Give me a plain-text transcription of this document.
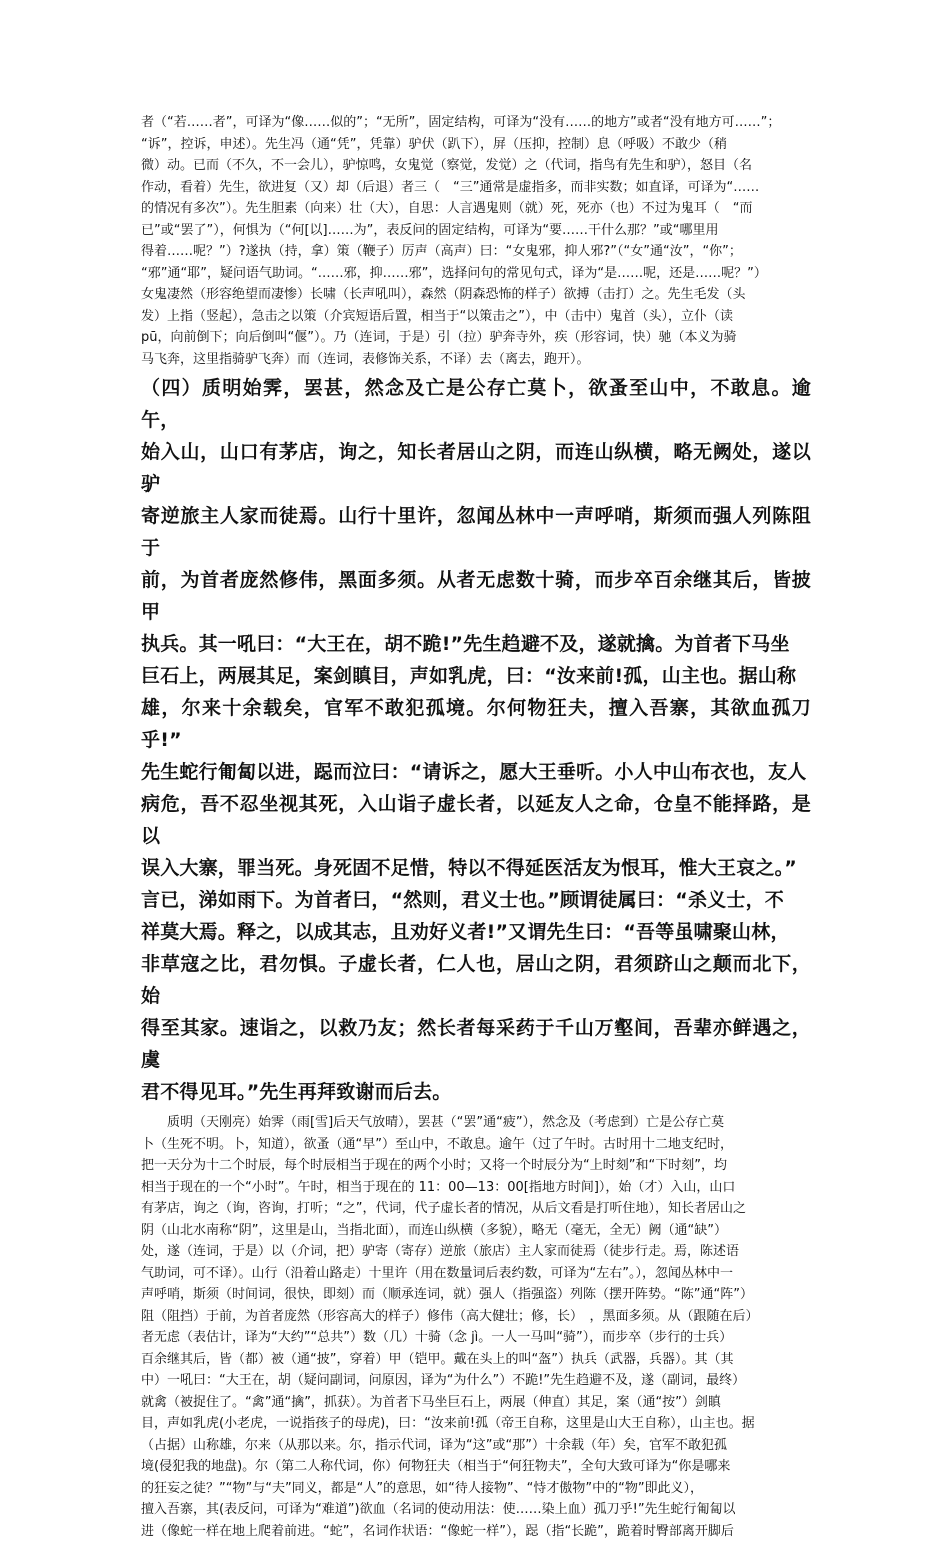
者（“若……者”，可译为“像……似的”；“无所”，固定结构，可译为“没有……的地方”或者“没有地方可……”；

“诉”，控诉，申述）。先生冯（通“凭”，凭靠）驴伏（趴下），屏（压抑，控制）息（呼吸）不敢少（稍

微）动。已而（不久，不一会儿），驴惊鸣，女鬼觉（察觉，发觉）之（代词，指鸟有先生和驴），怒目（名

作动，看着）先生，欲进复（又）却（后退）者三（　“三”通常是虚指多，而非实数；如直译，可译为“……

的情况有多次”）。先生胆素（向来）壮（大），自思：人言遇鬼则（就）死，死亦（也）不过为鬼耳（　“而

已”或“罢了”），何惧为（“何[以]……为”，表反问的固定结构，可译为“要……干什么那？”或“哪里用

得着……呢？”）?遂执（持，拿）策（鞭子）厉声（高声）曰：“女鬼邪，抑人邪?”（“女”通“汝”，“你”；

“邪”通“耶”，疑问语气助词。“……邪，抑……邪”，选择问句的常见句式，译为“是……呢，还是……呢？”）

女鬼凄然（形容绝望而凄惨）长啸（长声吼叫），森然（阴森恐怖的样子）欲搏（击打）之。先生毛发（头

发）上指（竖起），急击之以策（介宾短语后置，相当于“以策击之”），中（击中）鬼首（头），立仆（读

pū，向前倒下；向后倒叫“偃”）。乃（连词，于是）引（拉）驴奔寺外，疾（形容词，快）驰（本义为骑

马飞奔，这里指骑驴飞奔）而（连词，表修饰关系，不译）去（离去，跑开）。

（四）质明始霁，罢甚，然念及亡是公存亡莫卜，欲蚤至山中，不敢息。逾午，

始入山，山口有茅店，询之，知长者居山之阴，而连山纵横，略无阙处，遂以驴

寄逆旅主人家而徒焉。山行十里许，忽闻丛林中一声呼哨，斯须而强人列陈阻于

前，为首者庞然修伟，黑面多须。从者无虑数十骑，而步卒百余继其后，皆披甲

执兵。其一吼曰：“大王在，胡不跪!”先生趋避不及，遂就擒。为首者下马坐

巨石上，两展其足，案剑瞋目，声如乳虎，曰：“汝来前!孤，山主也。据山称

雄，尔来十余载矣，官军不敢犯孤境。尔何物狂夫，擅入吾寨，其欲血孤刀乎!”

先生蛇行匍匐以进，跽而泣曰：“请诉之，愿大王垂听。小人中山布衣也，友人

病危，吾不忍坐视其死，入山诣子虚长者，以延友人之命，仓皇不能择路，是以

误入大寨，罪当死。身死固不足惜，特以不得延医活友为恨耳，惟大王哀之。”

言已，涕如雨下。为首者曰，“然则，君义士也。”顾谓徒属曰：“杀义士，不

祥莫大焉。释之，以成其志，且劝好义者!”又谓先生曰：“吾等虽啸聚山林，

非草寇之比，君勿惧。子虚长者，仁人也，居山之阴，君须跻山之颠而北下，始

得至其家。速诣之，以救乃友；然长者每采药于千山万壑间，吾辈亦鲜遇之，虞

君不得见耳。”先生再拜致谢而后去。

　　质明（天刚亮）始霁（雨[雪]后天气放晴），罢甚（“罢”通“疲”），然念及（考虑到）亡是公存亡莫

卜（生死不明。卜，知道），欲蚤（通“早”）至山中，不敢息。逾午（过了午时。古时用十二地支纪时，

把一天分为十二个时辰，每个时辰相当于现在的两个小时；又将一个时辰分为“上时刻”和“下时刻”，均

相当于现在的一个“小时”。午时，相当于现在的 11：00—13：00[指地方时间]），始（才）入山，山口

有茅店，询之（询，咨询，打听；“之”，代词，代子虚长者的情况，从后文看是打听住地），知长者居山之

阴（山北水南称“阴”，这里是山，当指北面），而连山纵横（多貌），略无（毫无，全无）阙（通“缺”）

处，遂（连词，于是）以（介词，把）驴寄（寄存）逆旅（旅店）主人家而徒焉（徒步行走。焉，陈述语

气助词，可不译）。山行（沿着山路走）十里许（用在数量词后表约数，可译为“左右”。），忽闻丛林中一

声呼哨，斯须（时间词，很快，即刻）而（顺承连词，就）强人（指强盗）列陈（摆开阵势。“陈”通“阵”）

阻（阻挡）于前，为首者庞然（形容高大的样子）修伟（高大健壮；修，长）　，黑面多须。从（跟随在后）

者无虑（表估计，译为“大约”“总共”）数（几）十骑（念 jì。一人一马叫“骑”），而步卒（步行的士兵）

百余继其后，皆（都）被（通“披”，穿着）甲（铠甲。戴在头上的叫“盔”）执兵（武器，兵器）。其（其

中）一吼曰：“大王在，胡（疑问副词，问原因，译为“为什么”）不跪!”先生趋避不及，遂（副词，最终）

就禽（被捉住了。“禽”通“擒”，抓获）。为首者下马坐巨石上，两展（伸直）其足，案（通“按”）剑瞋

目，声如乳虎(小老虎，一说指孩子的母虎)，曰：“汝来前!孤（帝王自称，这里是山大王自称），山主也。据

（占据）山称雄，尔来（从那以来。尔，指示代词，译为“这”或“那”）十余载（年）矣，官军不敢犯孤

境(侵犯我的地盘)。尔（第二人称代词，你）何物狂夫（相当于“何狂物夫”，全句大致可译为“你是哪来

的狂妄之徒？”“物”与“夫”同义，都是“人”的意思，如“待人接物”、“恃才傲物”中的“物”即此义），

擅入吾寨，其(表反问，可译为“难道”)欲血（名词的使动用法：使……染上血）孤刀乎!”先生蛇行匍匐以

进（像蛇一样在地上爬着前进。“蛇”，名词作状语：“像蛇一样”），跽（指“长跪”，跪着时臀部离开脚后
